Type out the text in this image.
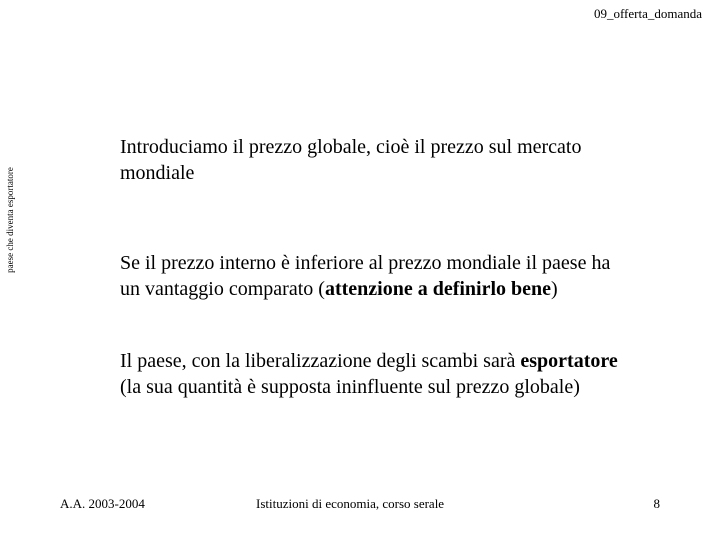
09_offerta_domanda
paese che diventa esportatore

Introduciamo il prezzo globale, cioè il prezzo sul mercato mondiale

Se il prezzo interno è inferiore al prezzo mondiale il paese ha un vantaggio comparato (attenzione a definirlo bene)

Il paese, con la liberalizzazione degli scambi sarà esportatore (la sua quantità è supposta ininfluente sul prezzo globale)

A.A. 2003-2004	Istituzioni di economia, corso serale	8
